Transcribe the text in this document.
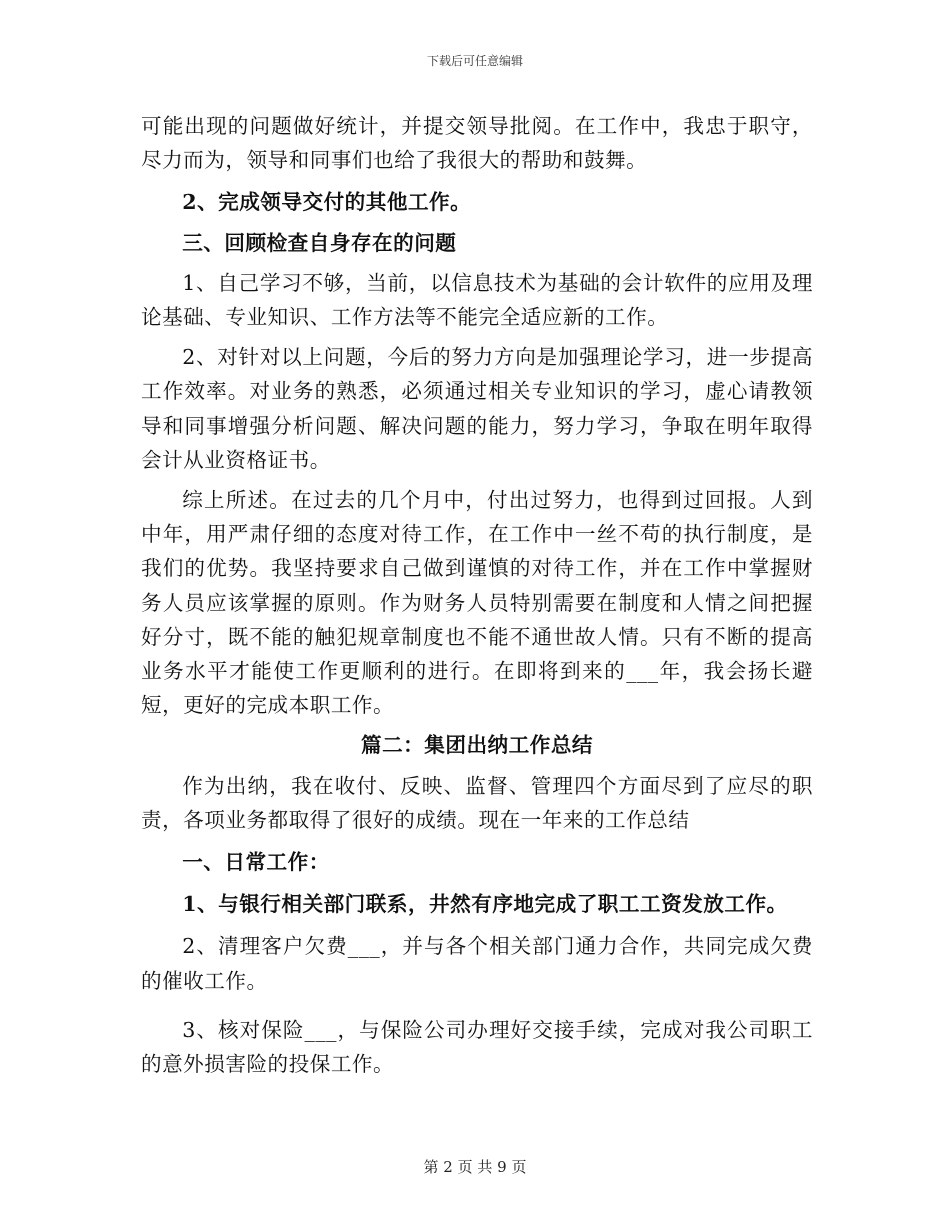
下载后可任意编辑

可能出现的问题做好统计，并提交领导批阅。在工作中，我忠于职守，尽力而为，领导和同事们也给了我很大的帮助和鼓舞。

2、完成领导交付的其他工作。

三、回顾检查自身存在的问题

1、自己学习不够，当前，以信息技术为基础的会计软件的应用及理论基础、专业知识、工作方法等不能完全适应新的工作。

2、对针对以上问题，今后的努力方向是加强理论学习，进一步提高工作效率。对业务的熟悉，必须通过相关专业知识的学习，虚心请教领导和同事增强分析问题、解决问题的能力，努力学习，争取在明年取得会计从业资格证书。

综上所述。在过去的几个月中，付出过努力，也得到过回报。人到中年，用严肃仔细的态度对待工作，在工作中一丝不苟的执行制度，是我们的优势。我坚持要求自己做到谨慎的对待工作，并在工作中掌握财务人员应该掌握的原则。作为财务人员特别需要在制度和人情之间把握好分寸，既不能的触犯规章制度也不能不通世故人情。只有不断的提高业务水平才能使工作更顺利的进行。在即将到来的___年，我会扬长避短，更好的完成本职工作。

篇二：集团出纳工作总结

作为出纳，我在收付、反映、监督、管理四个方面尽到了应尽的职责，各项业务都取得了很好的成绩。现在一年来的工作总结

一、日常工作：

1、与银行相关部门联系，井然有序地完成了职工工资发放工作。

2、清理客户欠费___，并与各个相关部门通力合作，共同完成欠费的催收工作。

3、核对保险___，与保险公司办理好交接手续，完成对我公司职工的意外损害险的投保工作。

第 2 页 共 9 页
